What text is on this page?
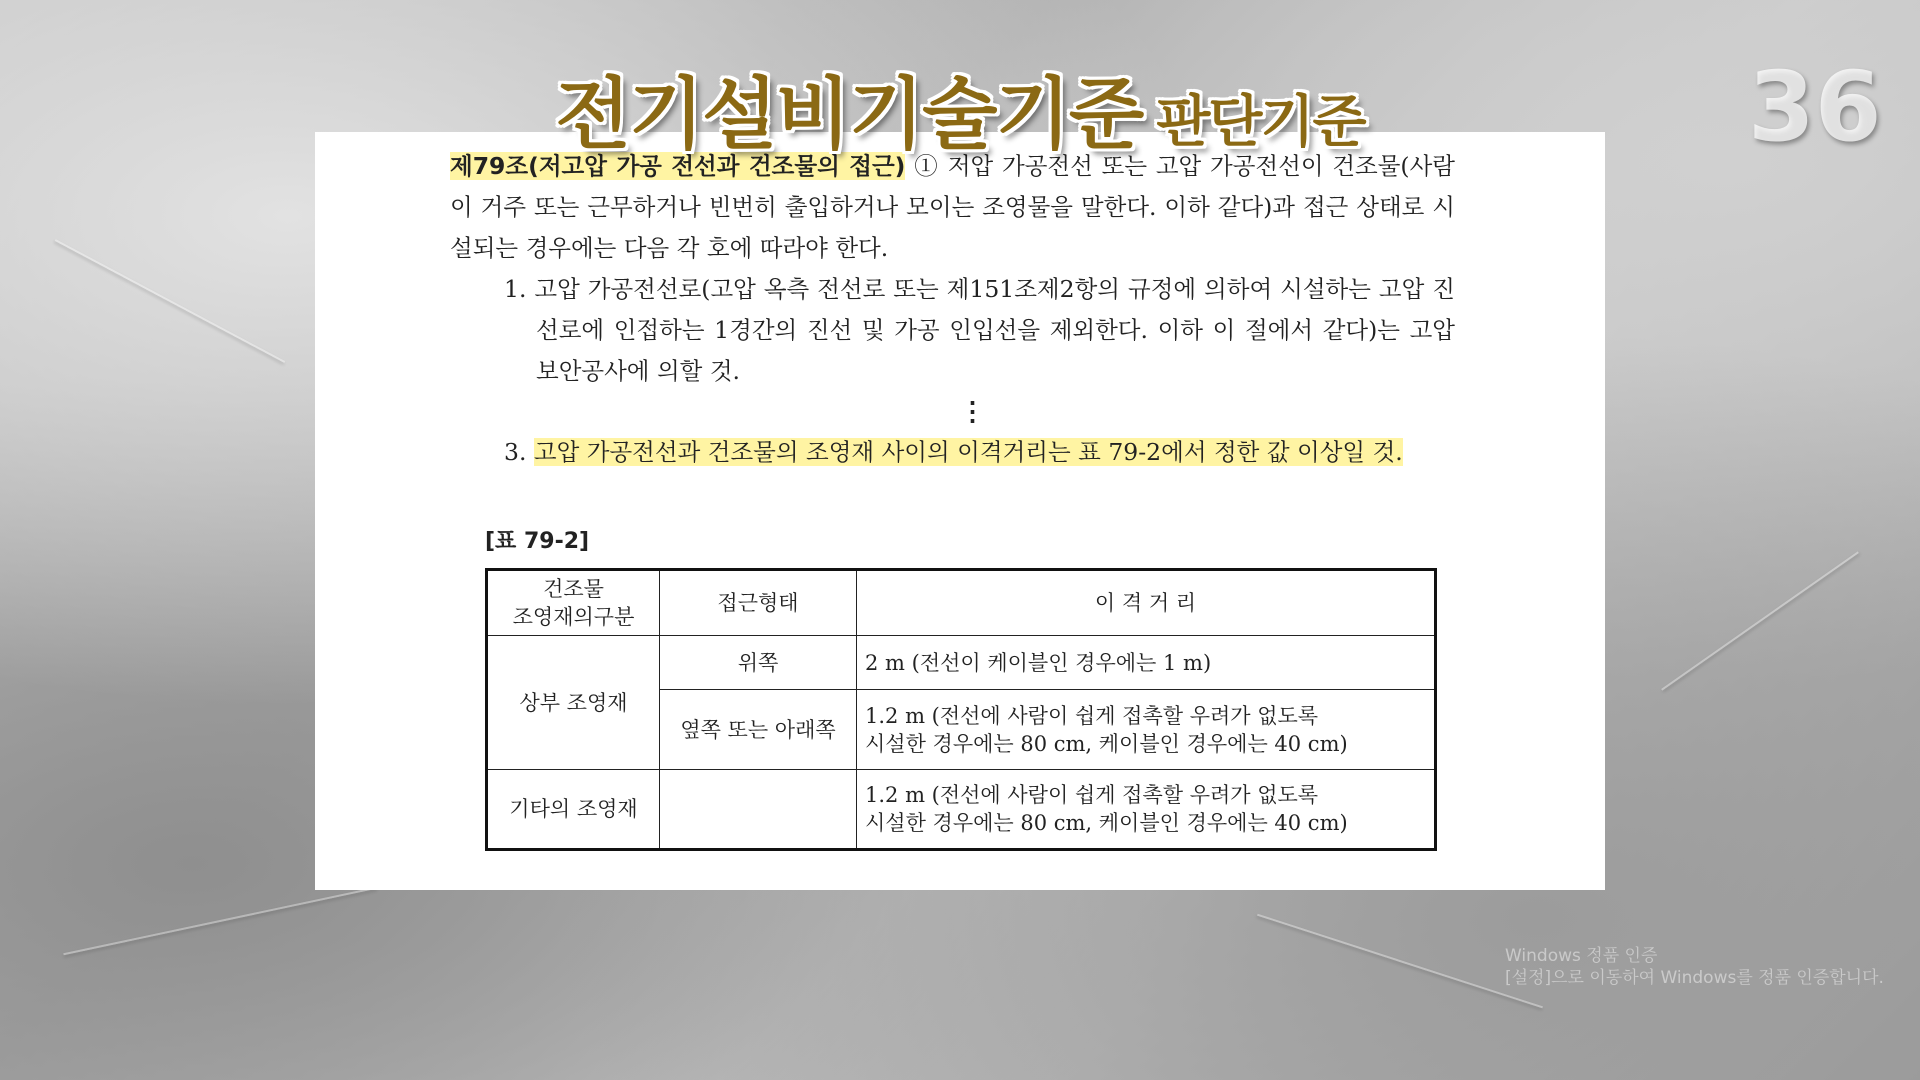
전기설비기술기준 판단기준	36
제79조(저고압 가공 전선과 건조물의 접근) ① 저압 가공전선 또는 고압 가공전선이 건조물(사람이 거주 또는 근무하거나 빈번히 출입하거나 모이는 조영물을 말한다. 이하 같다)과 접근 상태로 시설되는 경우에는 다음 각 호에 따라야 한다.
1. 고압 가공전선로(고압 옥측 전선로 또는 제151조제2항의 규정에 의하여 시설하는 고압 진선로에 인접하는 1경간의 진선 및 가공 인입선을 제외한다. 이하 이 절에서 같다)는 고압 보안공사에 의할 것.
⋮
3. 고압 가공전선과 건조물의 조영재 사이의 이격거리는 표 79-2에서 정한 값 이상일 것.
[표 79-2]
건조물
조영재의구분	접근형태	이 격 거 리
상부 조영재	위쪽	2 m (전선이 케이블인 경우에는 1 m)
	옆쪽 또는 아래쪽	1.2 m (전선에 사람이 쉽게 접촉할 우려가 없도록
시설한 경우에는 80 cm, 케이블인 경우에는 40 cm)

기타의 조영재		1.2 m (전선에 사람이 쉽게 접촉할 우려가 없도록
시설한 경우에는 80 cm, 케이블인 경우에는 40 cm)
Windows 정품 인증
[설정]으로 이동하여 Windows를 정품 인증합니다.
